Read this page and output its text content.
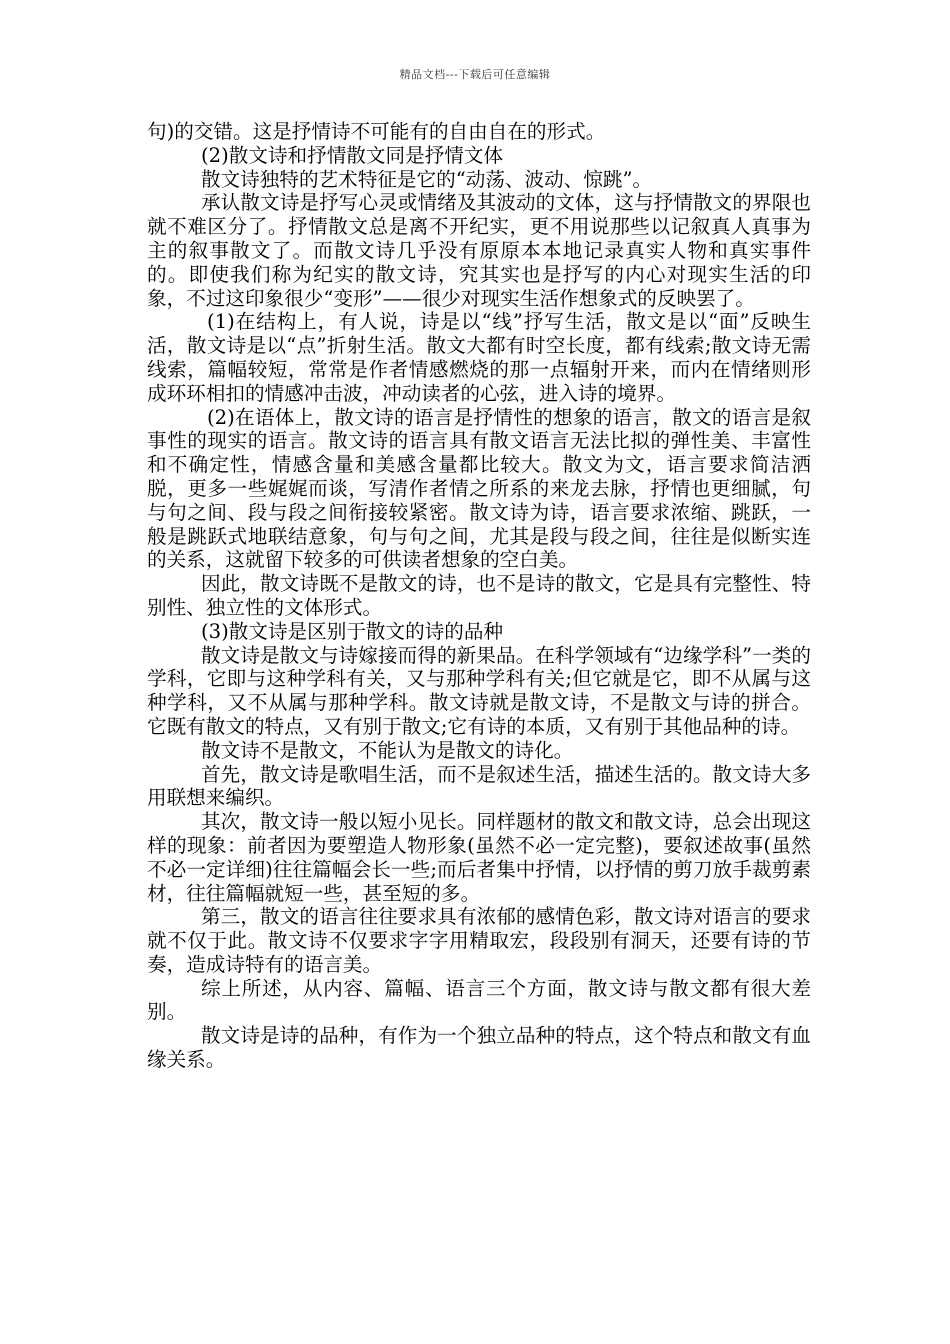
精品文档---下载后可任意编辑

句)的交错。这是抒情诗不可能有的自由自在的形式。

(2)散文诗和抒情散文同是抒情文体

散文诗独特的艺术特征是它的“动荡、波动、惊跳”。

承认散文诗是抒写心灵或情绪及其波动的文体，这与抒情散文的界限也就不难区分了。抒情散文总是离不开纪实，更不用说那些以记叙真人真事为主的叙事散文了。而散文诗几乎没有原原本本地记录真实人物和真实事件的。即使我们称为纪实的散文诗，究其实也是抒写的内心对现实生活的印象，不过这印象很少“变形”——很少对现实生活作想象式的反映罢了。

(1)在结构上，有人说，诗是以“线”抒写生活，散文是以“面”反映生活，散文诗是以“点”折射生活。散文大都有时空长度，都有线索;散文诗无需线索，篇幅较短，常常是作者情感燃烧的那一点辐射开来，而内在情绪则形成环环相扣的情感冲击波，冲动读者的心弦，进入诗的境界。

(2)在语体上，散文诗的语言是抒情性的想象的语言，散文的语言是叙事性的现实的语言。散文诗的语言具有散文语言无法比拟的弹性美、丰富性和不确定性，情感含量和美感含量都比较大。散文为文，语言要求简洁洒脱，更多一些娓娓而谈，写清作者情之所系的来龙去脉，抒情也更细腻，句与句之间、段与段之间衔接较紧密。散文诗为诗，语言要求浓缩、跳跃，一般是跳跃式地联结意象，句与句之间，尤其是段与段之间，往往是似断实连的关系，这就留下较多的可供读者想象的空白美。

因此，散文诗既不是散文的诗，也不是诗的散文，它是具有完整性、特别性、独立性的文体形式。

(3)散文诗是区别于散文的诗的品种

散文诗是散文与诗嫁接而得的新果品。在科学领域有“边缘学科”一类的学科，它即与这种学科有关，又与那种学科有关;但它就是它，即不从属与这种学科，又不从属与那种学科。散文诗就是散文诗，不是散文与诗的拼合。它既有散文的特点，又有别于散文;它有诗的本质，又有别于其他品种的诗。

散文诗不是散文，不能认为是散文的诗化。

首先，散文诗是歌唱生活，而不是叙述生活，描述生活的。散文诗大多用联想来编织。

其次，散文诗一般以短小见长。同样题材的散文和散文诗，总会出现这样的现象：前者因为要塑造人物形象(虽然不必一定完整)，要叙述故事(虽然不必一定详细)往往篇幅会长一些;而后者集中抒情，以抒情的剪刀放手裁剪素材，往往篇幅就短一些，甚至短的多。

第三，散文的语言往往要求具有浓郁的感情色彩，散文诗对语言的要求就不仅于此。散文诗不仅要求字字用精取宏，段段别有洞天，还要有诗的节奏，造成诗特有的语言美。

综上所述，从内容、篇幅、语言三个方面，散文诗与散文都有很大差别。

散文诗是诗的品种，有作为一个独立品种的特点，这个特点和散文有血缘关系。
